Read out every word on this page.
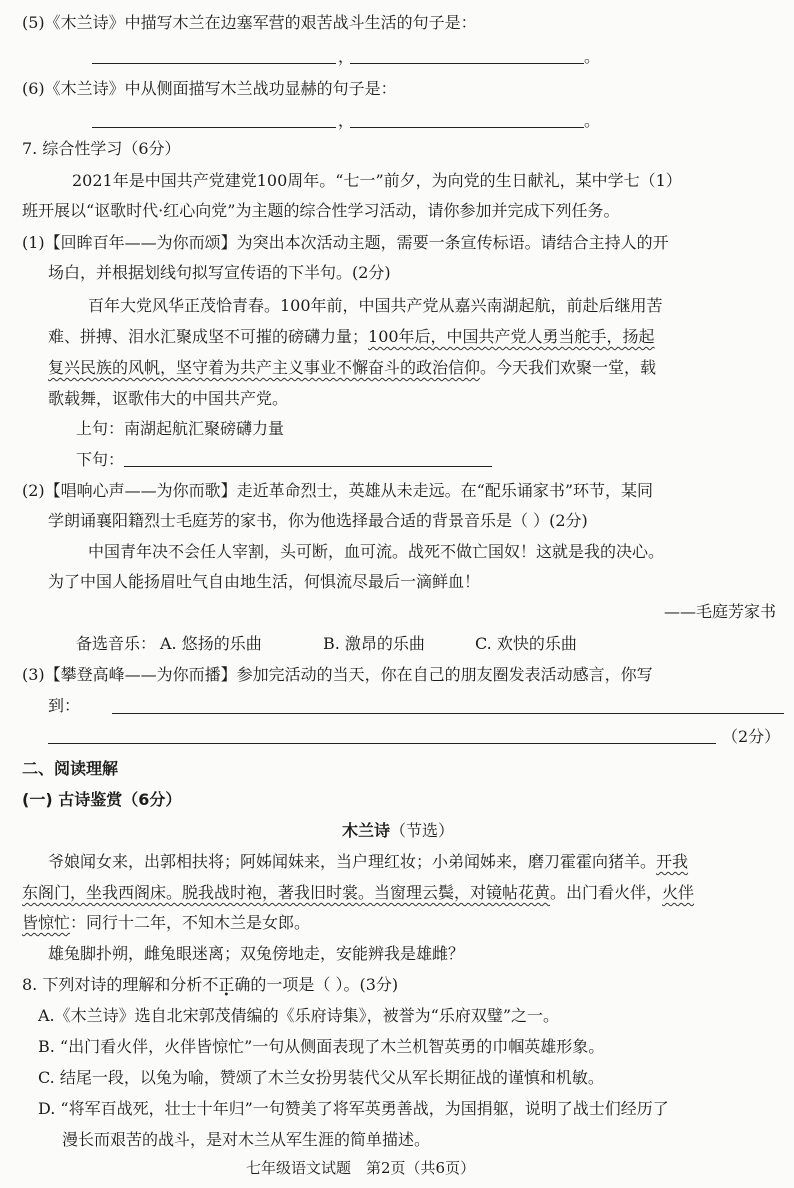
(5)《木兰诗》中描写木兰在边塞军营的艰苦战斗生活的句子是：
，	。
(6)《木兰诗》中从侧面描写木兰战功显赫的句子是：
，	。
7. 综合性学习（6分）
2021年是中国共产党建党100周年。“七一”前夕，为向党的生日献礼，某中学七（1）
班开展以“讴歌时代·红心向党”为主题的综合性学习活动，请你参加并完成下列任务。
(1)【回眸百年——为你而颂】为突出本次活动主题，需要一条宣传标语。请结合主持人的开
场白，并根据划线句拟写宣传语的下半句。(2分)
百年大党风华正茂恰青春。100年前，中国共产党从嘉兴南湖起航，前赴后继用苦
难、拼搏、泪水汇聚成坚不可摧的磅礴力量；100年后，中国共产党人勇当舵手，扬起
复兴民族的风帆，坚守着为共产主义事业不懈奋斗的政治信仰。今天我们欢聚一堂，载
歌载舞，讴歌伟大的中国共产党。
上句：南湖起航汇聚磅礴力量
下句：
(2)【唱响心声——为你而歌】走近革命烈士，英雄从未走远。在“配乐诵家书”环节，某同
学朗诵襄阳籍烈士毛庭芳的家书，你为他选择最合适的背景音乐是（ ）(2分)
中国青年决不会任人宰割，头可断，血可流。战死不做亡国奴！这就是我的决心。
为了中国人能扬眉吐气自由地生活，何惧流尽最后一滴鲜血！
——毛庭芳家书
备选音乐： A. 悠扬的乐曲	B. 激昂的乐曲	C. 欢快的乐曲
(3)【攀登高峰——为你而播】参加完活动的当天，你在自己的朋友圈发表活动感言，你写
到：
（2分）
二、阅读理解
(一) 古诗鉴赏（6分）
木兰诗（节选）
爷娘闻女来，出郭相扶将；阿姊闻妹来，当户理红妆；小弟闻姊来，磨刀霍霍向猪羊。开我
东阁门，坐我西阁床。脱我战时袍，著我旧时裳。当窗理云鬓，对镜帖花黄。出门看火伴，火伴
皆惊忙：同行十二年，不知木兰是女郎。
雄兔脚扑朔，雌兔眼迷离；双兔傍地走，安能辨我是雄雌？
8. 下列对诗的理解和分析不正确的一项是（ ）。(3分)
A.《木兰诗》选自北宋郭茂倩编的《乐府诗集》，被誉为“乐府双璧”之一。
B. “出门看火伴，火伴皆惊忙”一句从侧面表现了木兰机智英勇的巾帼英雄形象。
C. 结尾一段，以兔为喻，赞颂了木兰女扮男装代父从军长期征战的谨慎和机敏。
D. “将军百战死，壮士十年归”一句赞美了将军英勇善战，为国捐躯，说明了战士们经历了
漫长而艰苦的战斗，是对木兰从军生涯的简单描述。
七年级语文试题　第2页（共6页）
